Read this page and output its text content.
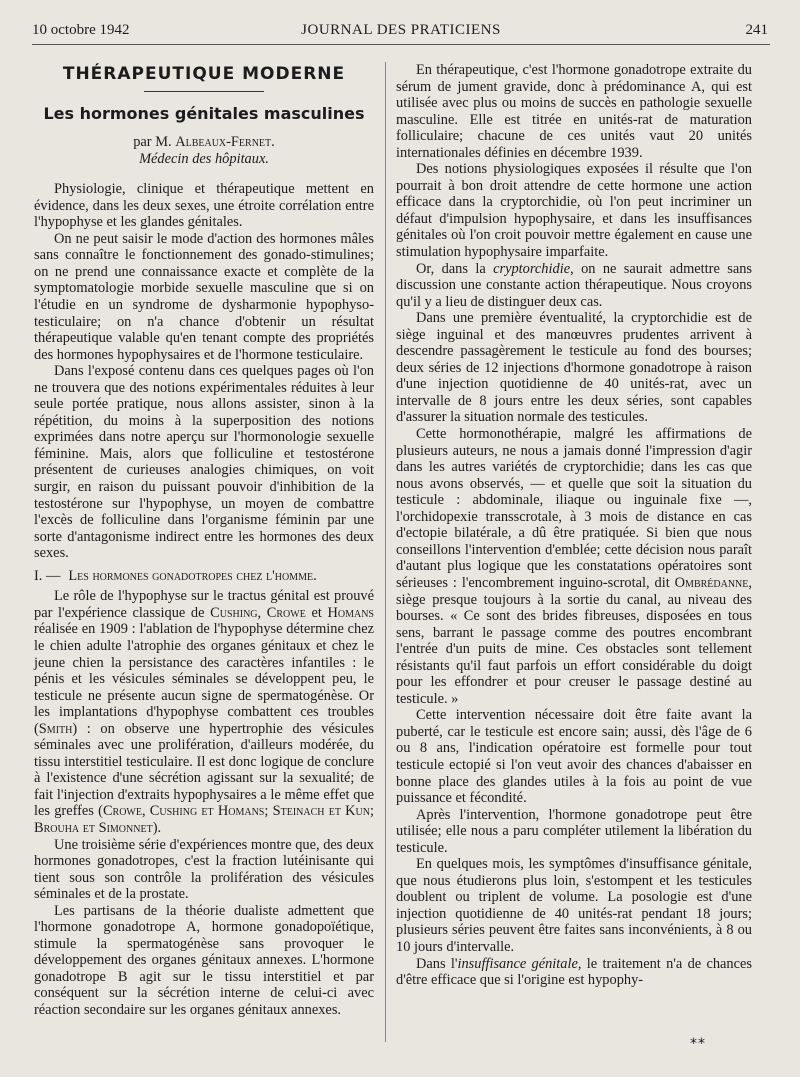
10 octobre 1942	JOURNAL DES PRATICIENS	241
THÉRAPEUTIQUE MODERNE
Les hormones génitales masculines

par M. Albeaux-Fernet.

Médecin des hôpitaux.

Physiologie, clinique et thérapeutique mettent en évidence, dans les deux sexes, une étroite corrélation entre l'hypophyse et les glandes génitales.

On ne peut saisir le mode d'action des hormones mâles sans connaître le fonctionnement des gonado-stimulines; on ne prend une connaissance exacte et complète de la symptomatologie morbide sexuelle masculine que si on l'étudie en un syndrome de dysharmonie hypophyso-testiculaire; on n'a chance d'obtenir un résultat thérapeutique valable qu'en tenant compte des propriétés des hormones hypophysaires et de l'hormone testiculaire.

Dans l'exposé contenu dans ces quelques pages où l'on ne trouvera que des notions expérimentales réduites à leur seule portée pratique, nous allons assister, sinon à la répétition, du moins à la superposition des notions exprimées dans notre aperçu sur l'hormonologie sexuelle féminine. Mais, alors que folliculine et testostérone présentent de curieuses analogies chimiques, on voit surgir, en raison du puissant pouvoir d'inhibition de la testostérone sur l'hypophyse, un moyen de combattre l'excès de folliculine dans l'organisme féminin par une sorte d'antagonisme indirect entre les hormones des deux sexes.

I. — Les hormones gonadotropes chez l'homme.

Le rôle de l'hypophyse sur le tractus génital est prouvé par l'expérience classique de Cushing, Crowe et Homans réalisée en 1909 : l'ablation de l'hypophyse détermine chez le chien adulte l'atrophie des organes génitaux et chez le jeune chien la persistance des caractères infantiles : le pénis et les vésicules séminales se développent peu, le testicule ne présente aucun signe de spermatogénèse. Or les implantations d'hypophyse combattent ces troubles (Smith) : on observe une hypertrophie des vésicules séminales avec une prolifération, d'ailleurs modérée, du tissu interstitiel testiculaire. Il est donc logique de conclure à l'existence d'une sécrétion agissant sur la sexualité; de fait l'injection d'extraits hypophysaires a le même effet que les greffes (Crowe, Cushing et Homans; Steinach et Kun; Brouha et Simonnet).

Une troisième série d'expériences montre que, des deux hormones gonadotropes, c'est la fraction lutéinisante qui tient sous son contrôle la prolifération des vésicules séminales et de la prostate.

Les partisans de la théorie dualiste admettent que l'hormone gonadotrope A, hormone gonadopoïétique, stimule la spermatogénèse sans provoquer le développement des organes génitaux annexes. L'hormone gonadotrope B agit sur le tissu interstitiel et par conséquent sur la sécrétion interne de celui-ci avec réaction secondaire sur les organes génitaux annexes.

En thérapeutique, c'est l'hormone gonadotrope extraite du sérum de jument gravide, donc à prédominance A, qui est utilisée avec plus ou moins de succès en pathologie sexuelle masculine. Elle est titrée en unités-rat de maturation folliculaire; chacune de ces unités vaut 20 unités internationales définies en décembre 1939.

Des notions physiologiques exposées il résulte que l'on pourrait à bon droit attendre de cette hormone une action efficace dans la cryptorchidie, où l'on peut incriminer un défaut d'impulsion hypophysaire, et dans les insuffisances génitales où l'on croit pouvoir mettre également en cause une stimulation hypophysaire imparfaite.

Or, dans la cryptorchidie, on ne saurait admettre sans discussion une constante action thérapeutique. Nous croyons qu'il y a lieu de distinguer deux cas.

Dans une première éventualité, la cryptorchidie est de siège inguinal et des manœuvres prudentes arrivent à descendre passagèrement le testicule au fond des bourses; deux séries de 12 injections d'hormone gonadotrope à raison d'une injection quotidienne de 40 unités-rat, avec un intervalle de 8 jours entre les deux séries, sont capables d'assurer la situation normale des testicules.

Cette hormonothérapie, malgré les affirmations de plusieurs auteurs, ne nous a jamais donné l'impression d'agir dans les autres variétés de cryptorchidie; dans les cas que nous avons observés, — et quelle que soit la situation du testicule : abdominale, iliaque ou inguinale fixe —, l'orchidopexie transscrotale, à 3 mois de distance en cas d'ectopie bilatérale, a dû être pratiquée. Si bien que nous conseillons l'intervention d'emblée; cette décision nous paraît d'autant plus logique que les constatations opératoires sont sérieuses : l'encombrement inguino-scrotal, dit Ombrédanne, siège presque toujours à la sortie du canal, au niveau des bourses. « Ce sont des brides fibreuses, disposées en tous sens, barrant le passage comme des poutres encombrant l'entrée d'un puits de mine. Ces obstacles sont tellement résistants qu'il faut parfois un effort considérable du doigt pour les effondrer et pour creuser le passage destiné au testicule. »

Cette intervention nécessaire doit être faite avant la puberté, car le testicule est encore sain; aussi, dès l'âge de 6 ou 8 ans, l'indication opératoire est formelle pour tout testicule ectopié si l'on veut avoir des chances d'abaisser en bonne place des glandes utiles à la fois au point de vue puissance et fécondité.

Après l'intervention, l'hormone gonadotrope peut être utilisée; elle nous a paru compléter utilement la libération du testicule.

En quelques mois, les symptômes d'insuffisance génitale, que nous étudierons plus loin, s'estompent et les testicules doublent ou triplent de volume. La posologie est d'une injection quotidienne de 40 unités-rat pendant 18 jours; plusieurs séries peuvent être faites sans inconvénients, à 8 ou 10 jours d'intervalle.

Dans l'insuffisance génitale, le traitement n'a de chances d'être efficace que si l'origine est hypophy-

**
